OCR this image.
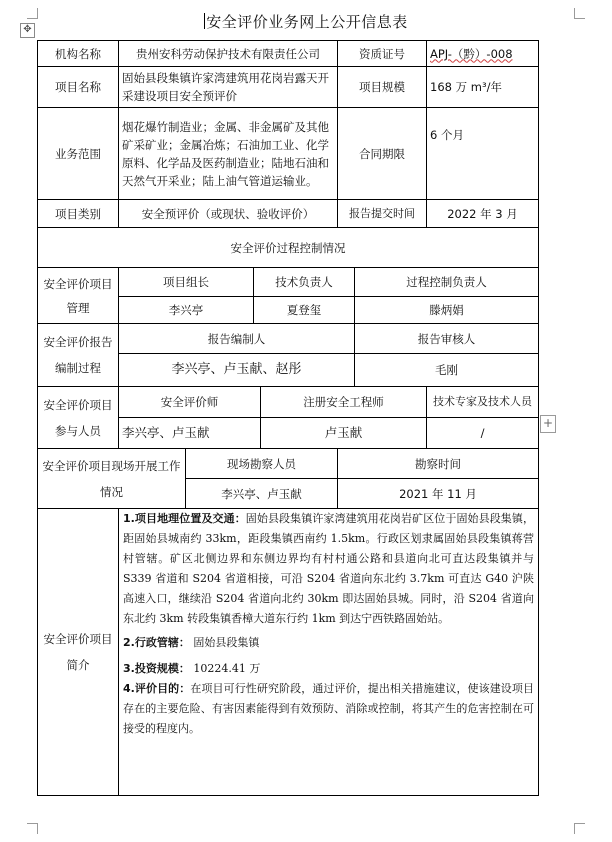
✥
+
安全评价业务网上公开信息表
机构名称	贵州安科劳动保护技术有限责任公司				资质证号		APJ-（黔）-008
项目名称	固始县段集镇许家湾建筑用花岗岩露天开采建设项目安全预评价				项目规模		168 万 m³/年
业务范围	烟花爆竹制造业；金属、非金属矿及其他矿采矿业；金属冶炼；石油加工业、化学原料、化学品及医药制造业；陆地石油和天然气开采业；陆上油气管道运输业。				合同期限		6 个月
项目类别	安全预评价（或现状、验收评价）				报告提交时间		2022 年 3 月
安全评价过程控制情况							
安全评价项目管理	项目组长		技术负责人			过程控制负责人	
	李兴亭		夏登玺			滕炳娟	
安全评价报告编制过程	报告编制人					报告审核人	
	李兴亭、卢玉献、赵彤					毛刚	
安全评价项目参与人员	安全评价师			注册安全工程师			技术专家及技术人员
	李兴亭、卢玉献			卢玉献			/
安全评价项目现场开展工作情况		现场勘察人员			勘察时间		
		李兴亭、卢玉献			2021 年 11 月		
安全评价项目简介	1.项目地理位置及交通：固始县段集镇许家湾建筑用花岗岩矿区位于固始县段集镇，距固始县城南约 33km，距段集镇西南约 1.5km。行政区划隶属固始县段集镇蒋营村管辖。矿区北侧边界和东侧边界均有村村通公路和县道向北可直达段集镇并与 S339 省道和 S204 省道相接，可沿 S204 省道向东北约 3.7km 可直达 G40 沪陕高速入口，继续沿 S204 省道向北约 30km 即达固始县城。同时，沿 S204 省道向东北约 3km 转段集镇香樟大道东行约 1km 到达宁西铁路固始站。

2.行政管辖： 固始县段集镇

3.投资规模： 10224.41 万

4.评价目的：在项目可行性研究阶段，通过评价，提出相关措施建议，使该建设项目存在的主要危险、有害因素能得到有效预防、消除或控制，将其产生的危害控制在可接受的程度内。						
